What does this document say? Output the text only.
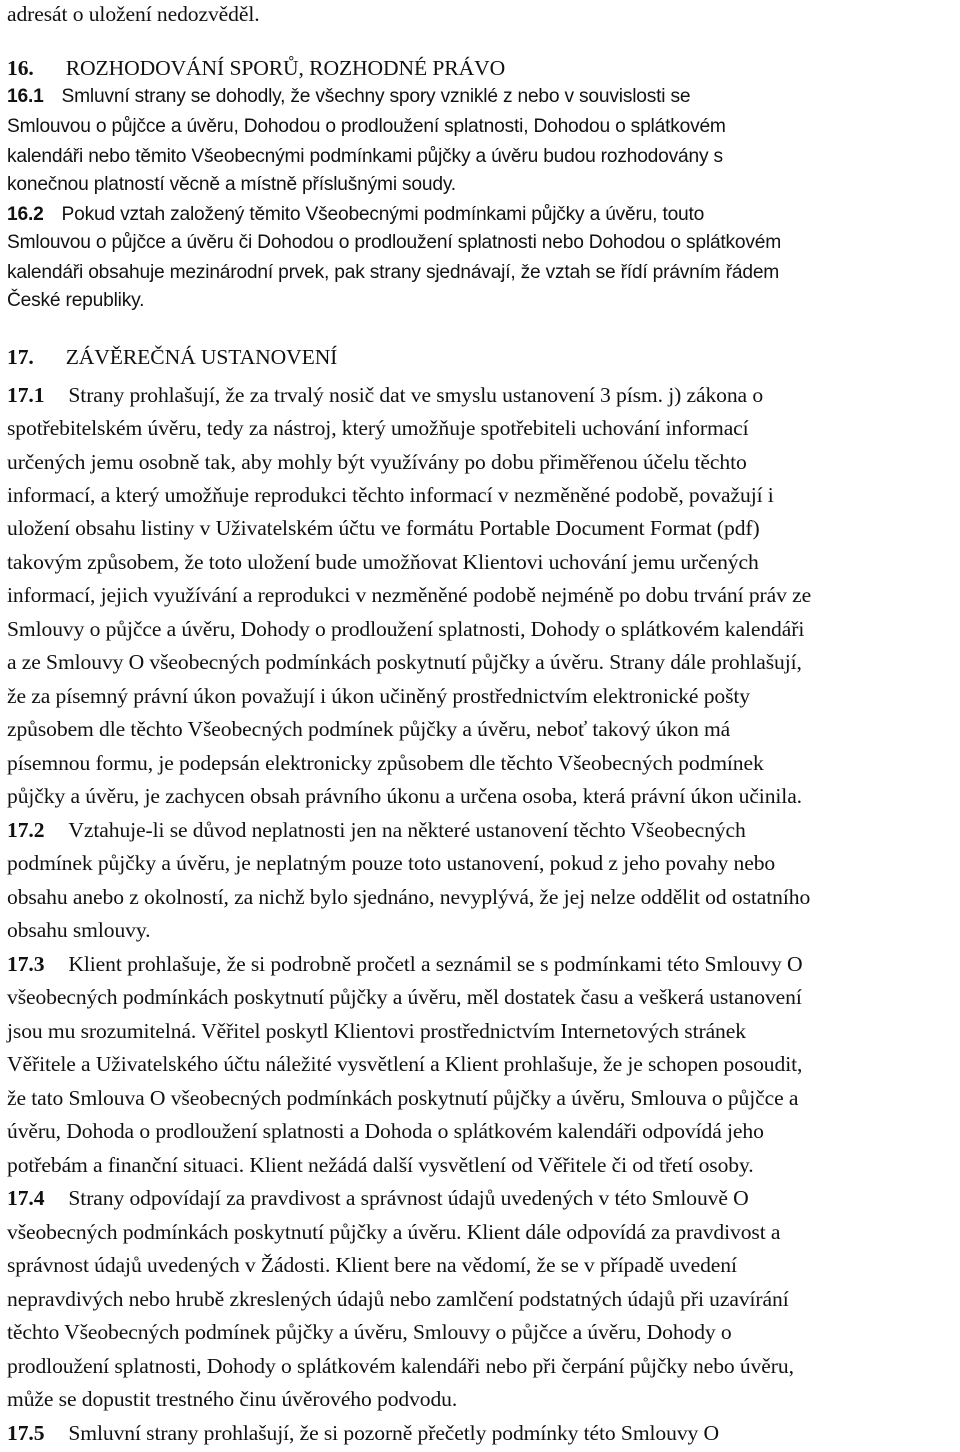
adresát o uložení nedozvěděl.
16. ROZHODOVÁNÍ SPORŮ, ROZHODNÉ PRÁVO
16.1 Smluvní strany se dohodly, že všechny spory vzniklé z nebo v souvislosti se
Smlouvou o půjčce a úvěru, Dohodou o prodloužení splatnosti, Dohodou o splátkovém
kalendáři nebo těmito Všeobecnými podmínkami půjčky a úvěru budou rozhodovány s
konečnou platností věcně a místně příslušnými soudy.
16.2 Pokud vztah založený těmito Všeobecnými podmínkami půjčky a úvěru, touto
Smlouvou o půjčce a úvěru či Dohodou o prodloužení splatnosti nebo Dohodou o splátkovém
kalendáři obsahuje mezinárodní prvek, pak strany sjednávají, že vztah se řídí právním řádem
České republiky.
17. ZÁVĚREČNÁ USTANOVENÍ
17.1 Strany prohlašují, že za trvalý nosič dat ve smyslu ustanovení 3 písm. j) zákona o
spotřebitelském úvěru, tedy za nástroj, který umožňuje spotřebiteli uchování informací
určených jemu osobně tak, aby mohly být využívány po dobu přiměřenou účelu těchto
informací, a který umožňuje reprodukci těchto informací v nezměněné podobě, považují i
uložení obsahu listiny v Uživatelském účtu ve formátu Portable Document Format (pdf)
takovým způsobem, že toto uložení bude umožňovat Klientovi uchování jemu určených
informací, jejich využívání a reprodukci v nezměněné podobě nejméně po dobu trvání práv ze
Smlouvy o půjčce a úvěru, Dohody o prodloužení splatnosti, Dohody o splátkovém kalendáři
a ze Smlouvy O všeobecných podmínkách poskytnutí půjčky a úvěru. Strany dále prohlašují,
že za písemný právní úkon považují i úkon učiněný prostřednictvím elektronické pošty
způsobem dle těchto Všeobecných podmínek půjčky a úvěru, neboť takový úkon má
písemnou formu, je podepsán elektronicky způsobem dle těchto Všeobecných podmínek
půjčky a úvěru, je zachycen obsah právního úkonu a určena osoba, která právní úkon učinila.
17.2 Vztahuje-li se důvod neplatnosti jen na některé ustanovení těchto Všeobecných
podmínek půjčky a úvěru, je neplatným pouze toto ustanovení, pokud z jeho povahy nebo
obsahu anebo z okolností, za nichž bylo sjednáno, nevyplývá, že jej nelze oddělit od ostatního
obsahu smlouvy.
17.3 Klient prohlašuje, že si podrobně pročetl a seznámil se s podmínkami této Smlouvy O
všeobecných podmínkách poskytnutí půjčky a úvěru, měl dostatek času a veškerá ustanovení
jsou mu srozumitelná. Věřitel poskytl Klientovi prostřednictvím Internetových stránek
Věřitele a Uživatelského účtu náležité vysvětlení a Klient prohlašuje, že je schopen posoudit,
že tato Smlouva O všeobecných podmínkách poskytnutí půjčky a úvěru, Smlouva o půjčce a
úvěru, Dohoda o prodloužení splatnosti a Dohoda o splátkovém kalendáři odpovídá jeho
potřebám a finanční situaci. Klient nežádá další vysvětlení od Věřitele či od třetí osoby.
17.4 Strany odpovídají za pravdivost a správnost údajů uvedených v této Smlouvě O
všeobecných podmínkách poskytnutí půjčky a úvěru. Klient dále odpovídá za pravdivost a
správnost údajů uvedených v Žádosti. Klient bere na vědomí, že se v případě uvedení
nepravdivých nebo hrubě zkreslených údajů nebo zamlčení podstatných údajů při uzavírání
těchto Všeobecných podmínek půjčky a úvěru, Smlouvy o půjčce a úvěru, Dohody o
prodloužení splatnosti, Dohody o splátkovém kalendáři nebo při čerpání půjčky nebo úvěru,
může se dopustit trestného činu úvěrového podvodu.
17.5 Smluvní strany prohlašují, že si pozorně přečetly podmínky této Smlouvy O
